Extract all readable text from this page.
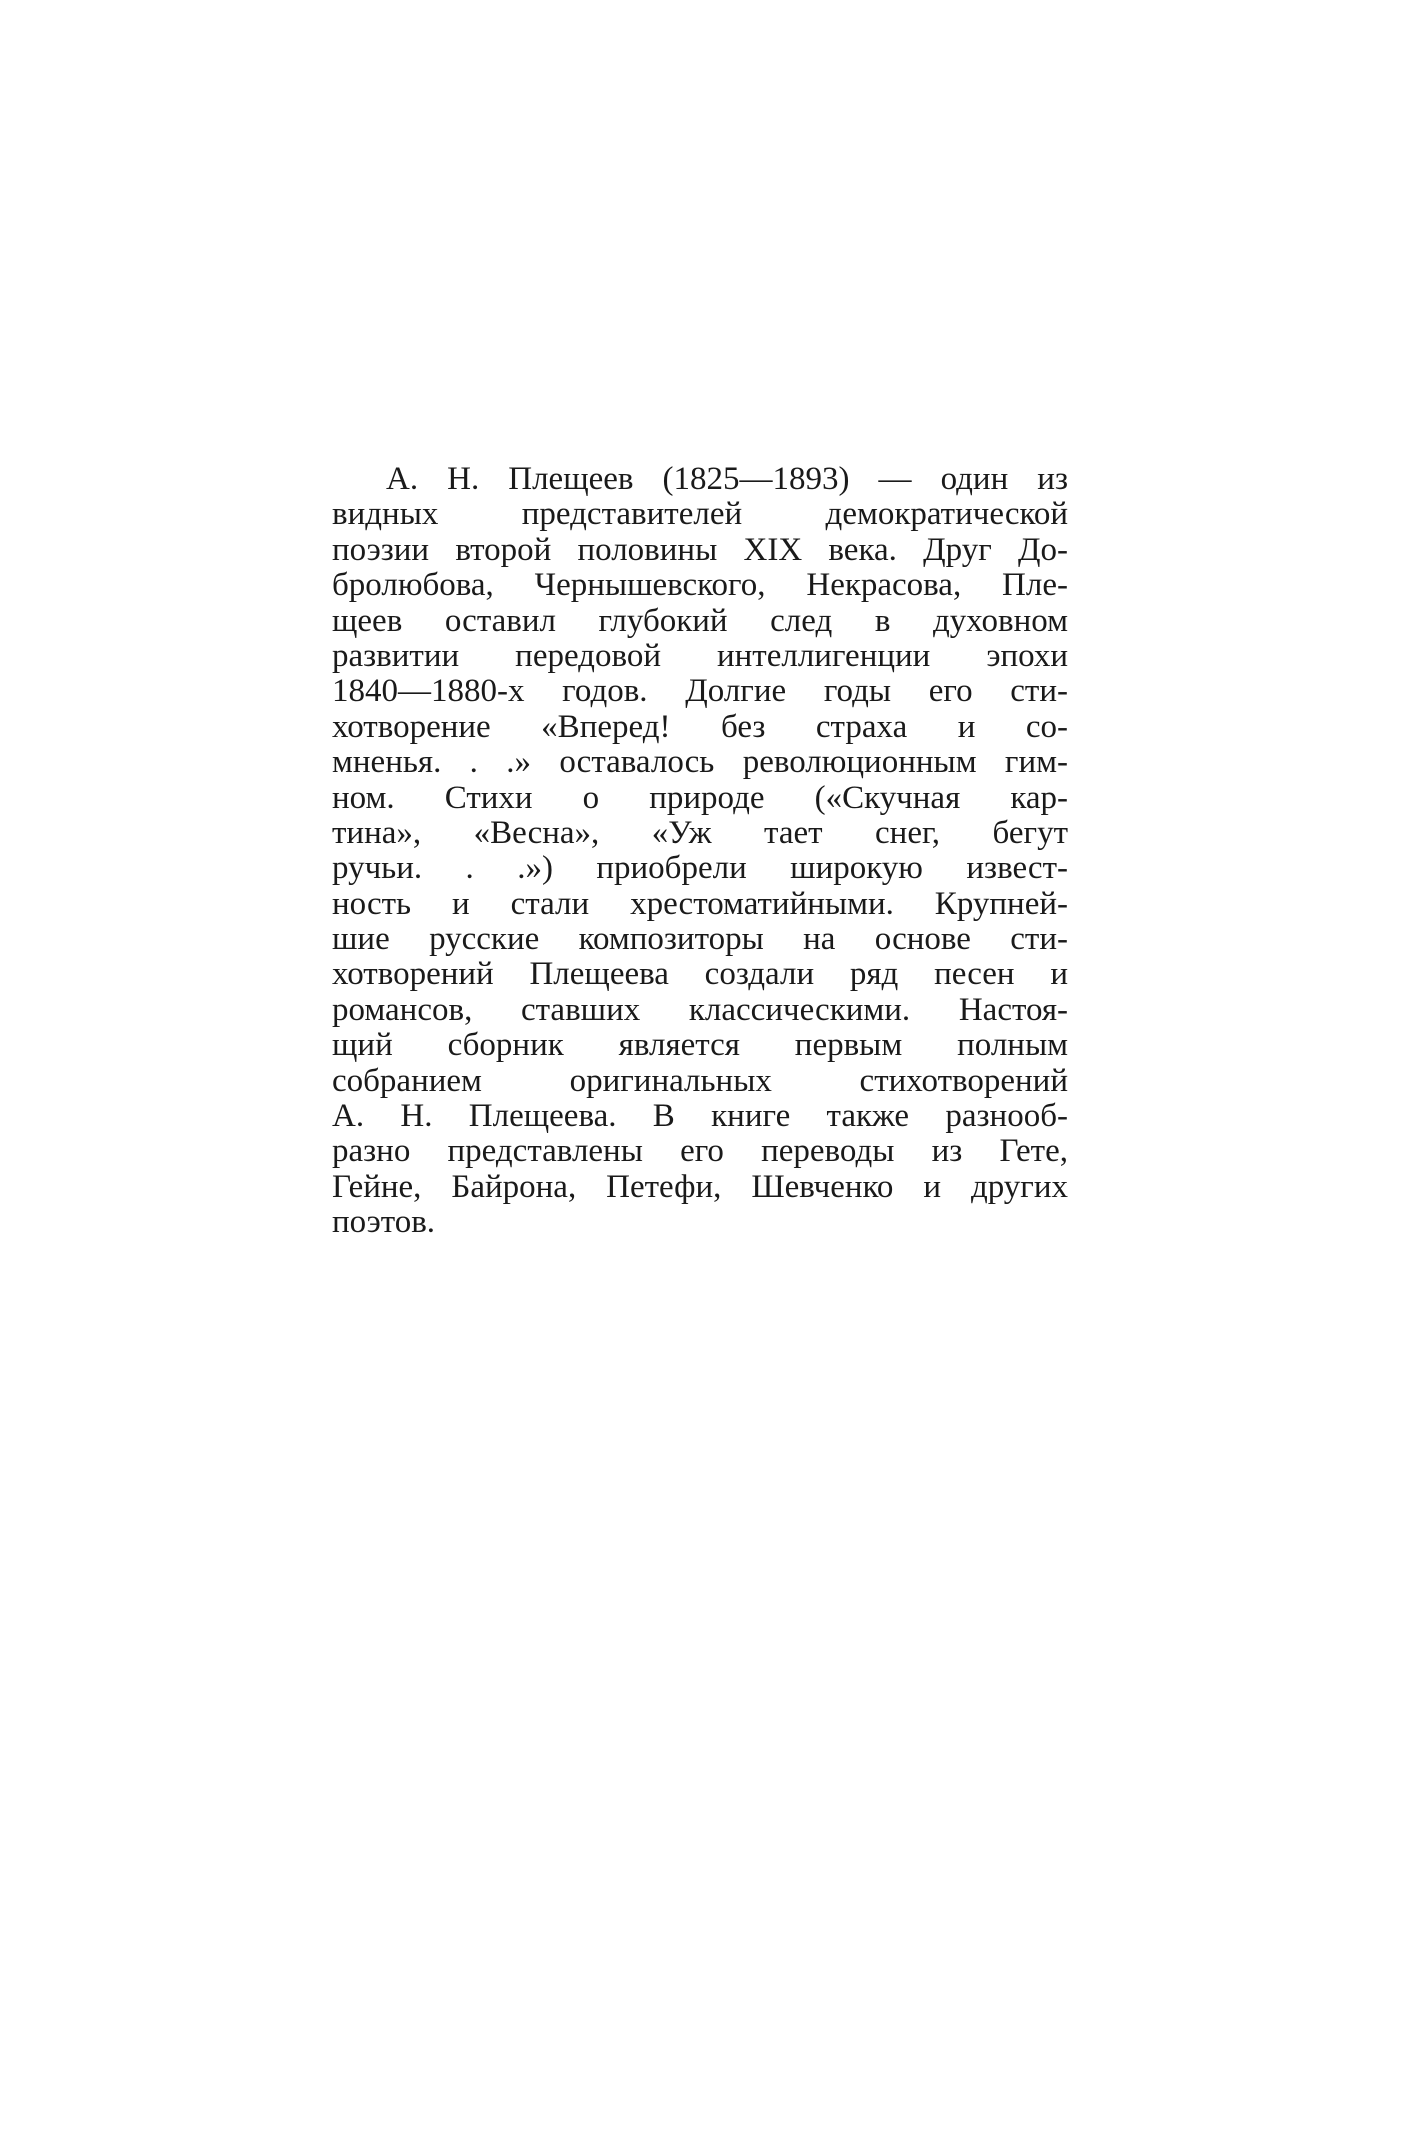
А. Н. Плещеев (1825—1893) — один из
видных представителей демократической
поэзии второй половины XIX века. Друг До-
бролюбова, Чернышевского, Некрасова, Пле-
щеев оставил глубокий след в духовном
развитии передовой интеллигенции эпохи
1840—1880-х годов. Долгие годы его сти-
хотворение «Вперед! без страха и со-
мненья. . .» оставалось революционным гим-
ном. Стихи о природе («Скучная кар-
тина», «Весна», «Уж тает снег, бегут
ручьи. . .») приобрели широкую извест-
ность и стали хрестоматийными. Крупней-
шие русские композиторы на основе сти-
хотворений Плещеева создали ряд песен и
романсов, ставших классическими. Настоя-
щий сборник является первым полным
собранием оригинальных стихотворений
А. Н. Плещеева. В книге также разнооб-
разно представлены его переводы из Гете,
Гейне, Байрона, Петефи, Шевченко и других
поэтов.
